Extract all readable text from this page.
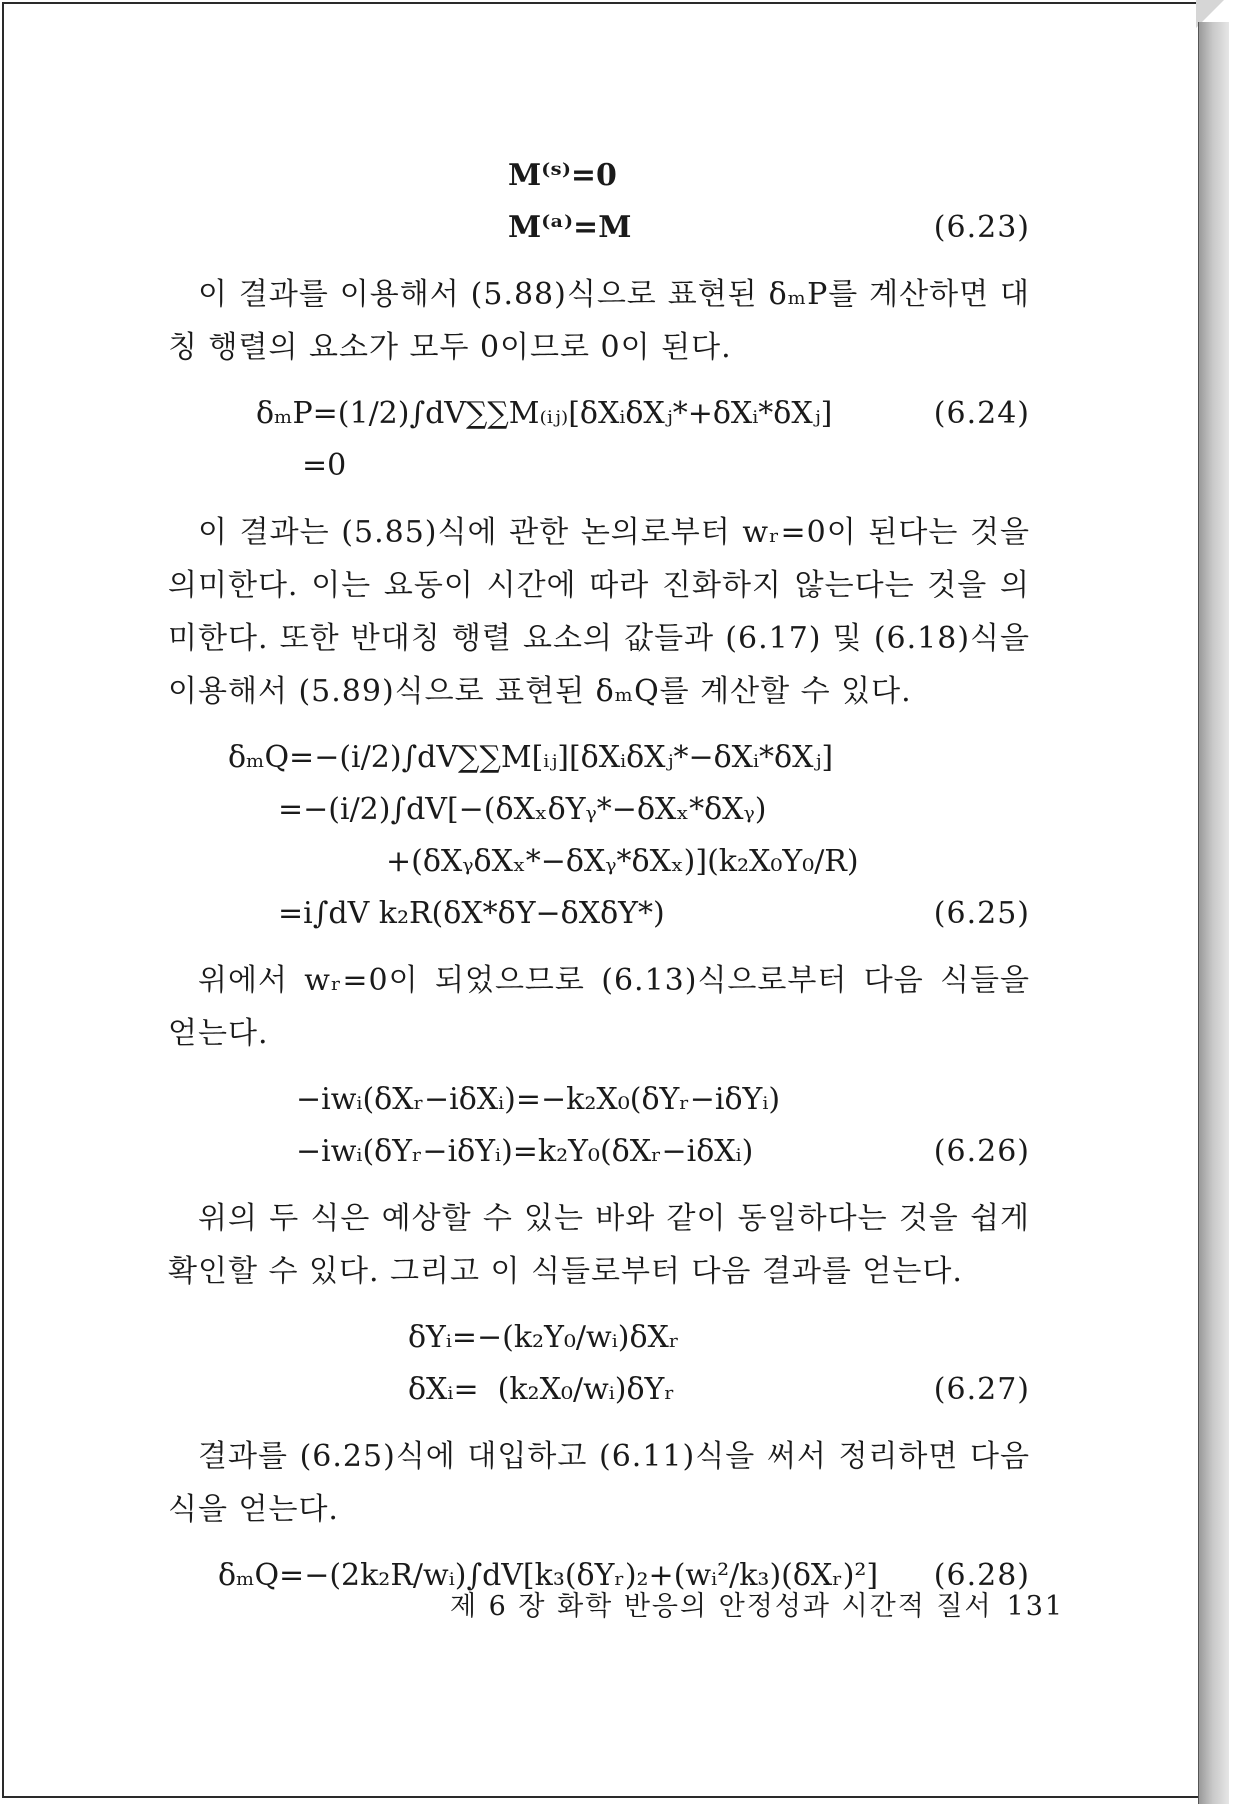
M⁽ˢ⁾=0
M⁽ᵃ⁾=M	(6.23)

이 결과를 이용해서 (5.88)식으로 표현된 δₘP를 계산하면 대칭 행렬의 요소가 모두 0이므로 0이 된다.

δₘP=(1/2)∫dV∑∑M₍ᵢⱼ₎[δXᵢδXⱼ*+δXᵢ*δXⱼ]	(6.24)
=0

이 결과는 (5.85)식에 관한 논의로부터 wᵣ=0이 된다는 것을 의미한다. 이는 요동이 시간에 따라 진화하지 않는다는 것을 의미한다. 또한 반대칭 행렬 요소의 값들과 (6.17) 및 (6.18)식을 이용해서 (5.89)식으로 표현된 δₘQ를 계산할 수 있다.

δₘQ=−(i/2)∫dV∑∑M[ᵢⱼ][δXᵢδXⱼ*−δXᵢ*δXⱼ]
=−(i/2)∫dV[−(δXₓδYᵧ*−δXₓ*δXᵧ)
+(δXᵧδXₓ*−δXᵧ*δXₓ)](k₂X₀Y₀/R)
=i∫dV k₂R(δX*δY−δXδY*)	(6.25)

위에서 wᵣ=0이 되었으므로 (6.13)식으로부터 다음 식들을 얻는다.

−iwᵢ(δXᵣ−iδXᵢ)=−k₂X₀(δYᵣ−iδYᵢ)
−iwᵢ(δYᵣ−iδYᵢ)=k₂Y₀(δXᵣ−iδXᵢ)	(6.26)

위의 두 식은 예상할 수 있는 바와 같이 동일하다는 것을 쉽게 확인할 수 있다. 그리고 이 식들로부터 다음 결과를 얻는다.

δYᵢ=−(k₂Y₀/wᵢ)δXᵣ
δXᵢ=  (k₂X₀/wᵢ)δYᵣ	(6.27)

결과를 (6.25)식에 대입하고 (6.11)식을 써서 정리하면 다음 식을 얻는다.

δₘQ=−(2k₂R/wᵢ)∫dV[k₃(δYᵣ)₂+(wᵢ²/k₃)(δXᵣ)²] (6.28)
제 6 장 화학 반응의 안정성과 시간적 질서 131
